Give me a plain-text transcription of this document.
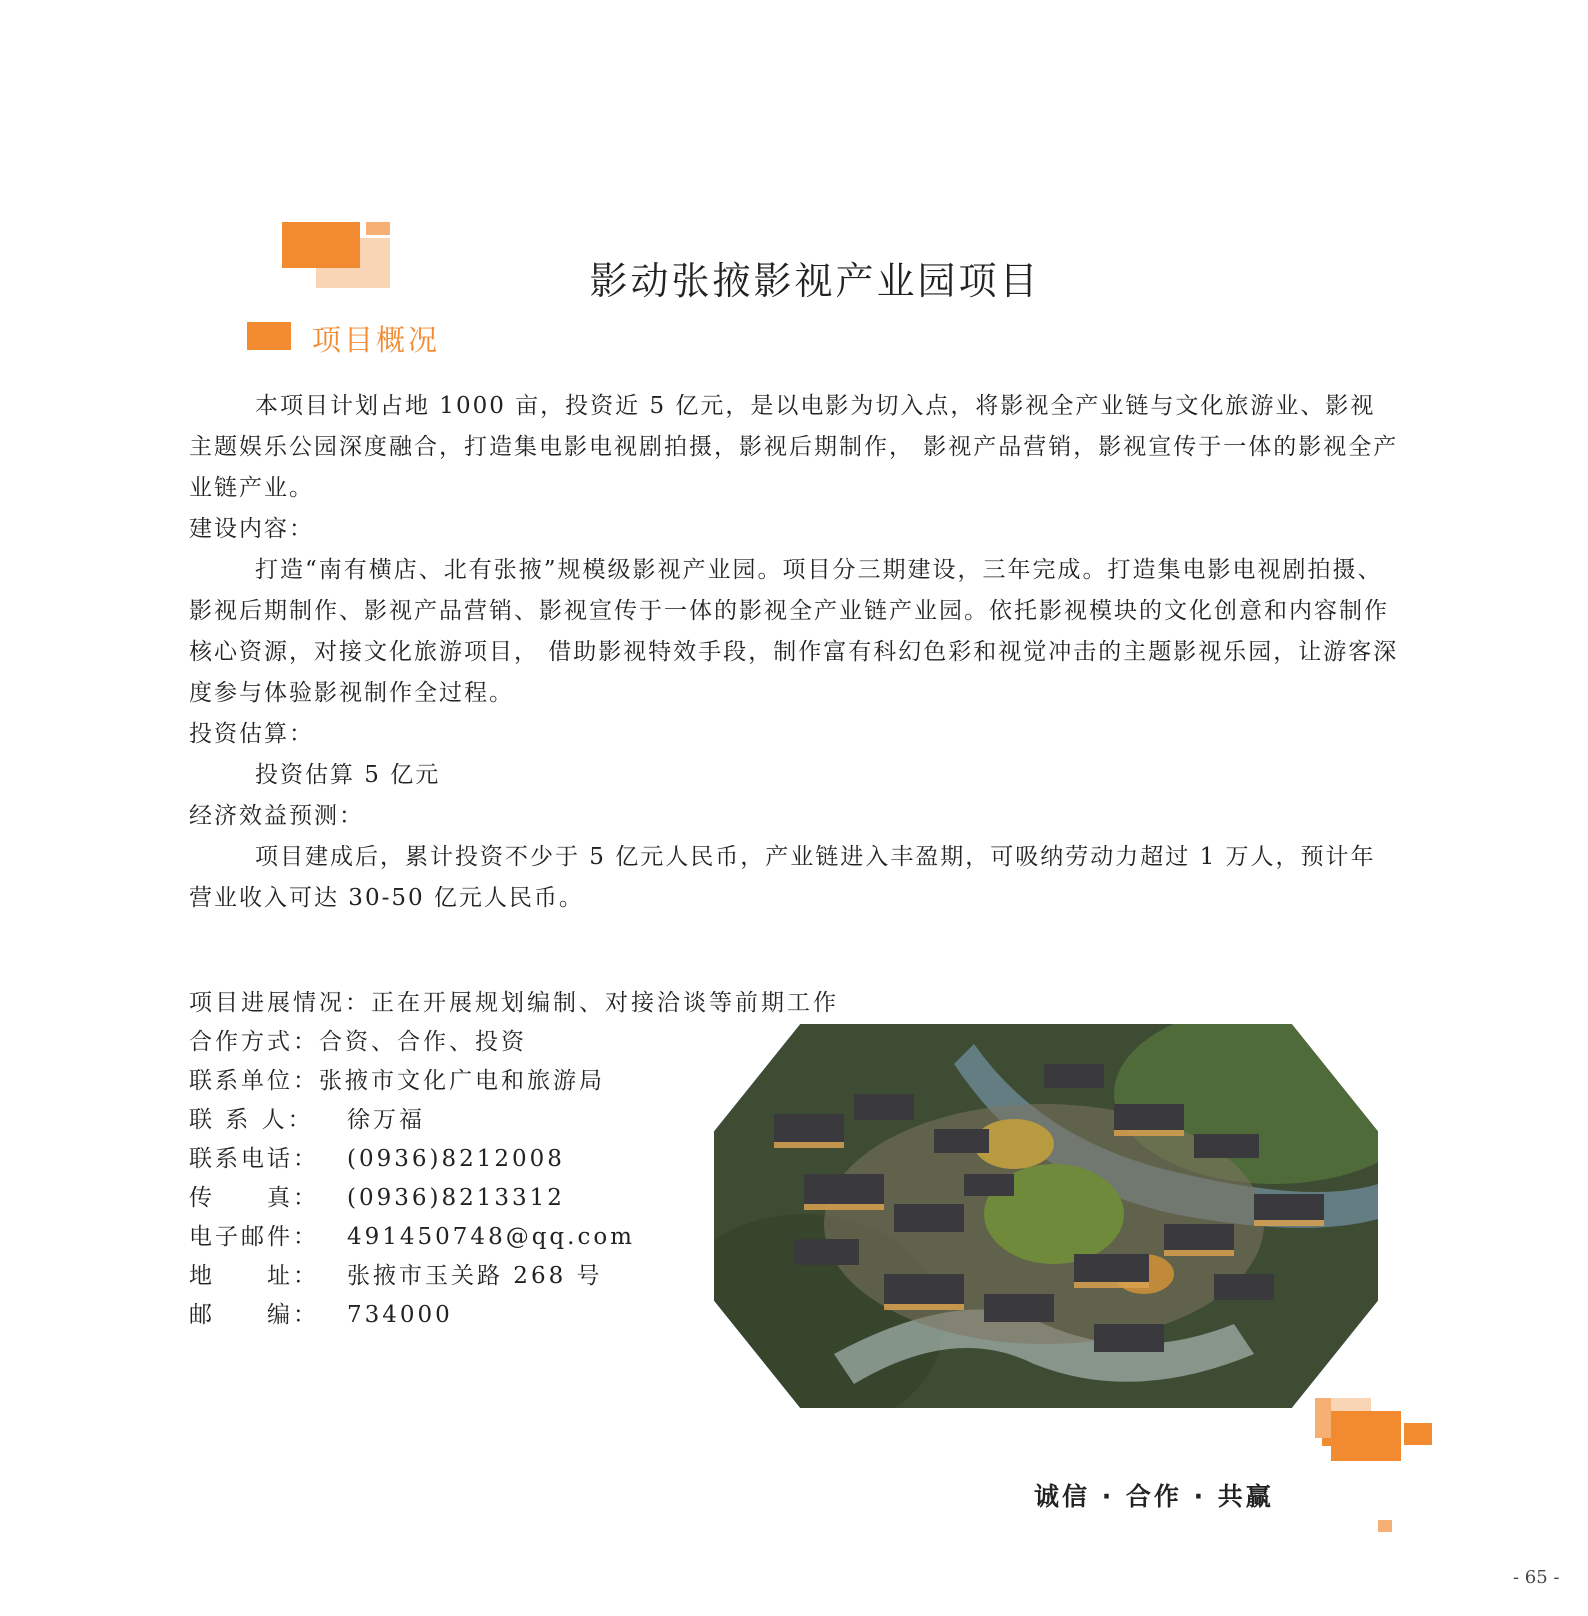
影动张掖影视产业园项目
项目概况

本项目计划占地 1000 亩，投资近 5 亿元，是以电影为切入点，将影视全产业链与文化旅游业、影视主题娱乐公园深度融合，打造集电影电视剧拍摄，影视后期制作， 影视产品营销，影视宣传于一体的影视全产业链产业。

建设内容：

打造“南有横店、北有张掖”规模级影视产业园。项目分三期建设，三年完成。打造集电影电视剧拍摄、影视后期制作、影视产品营销、影视宣传于一体的影视全产业链产业园。依托影视模块的文化创意和内容制作核心资源，对接文化旅游项目， 借助影视特效手段，制作富有科幻色彩和视觉冲击的主题影视乐园，让游客深度参与体验影视制作全过程。

投资估算：

投资估算 5 亿元

经济效益预测：

项目建成后，累计投资不少于 5 亿元人民币，产业链进入丰盈期，可吸纳劳动力超过 1 万人，预计年营业收入可达 30-50 亿元人民币。

项目进展情况：正在开展规划编制、对接洽谈等前期工作
合作方式：合资、合作、投资
联系单位：张掖市文化广电和旅游局
联 系 人： 徐万福
联系电话： (0936)8212008
传　　真： (0936)8213312
电子邮件： 491450748@qq.com
地　　址： 张掖市玉关路 268 号
邮　　编： 734000
诚信 · 合作 · 共赢
- 65 -
